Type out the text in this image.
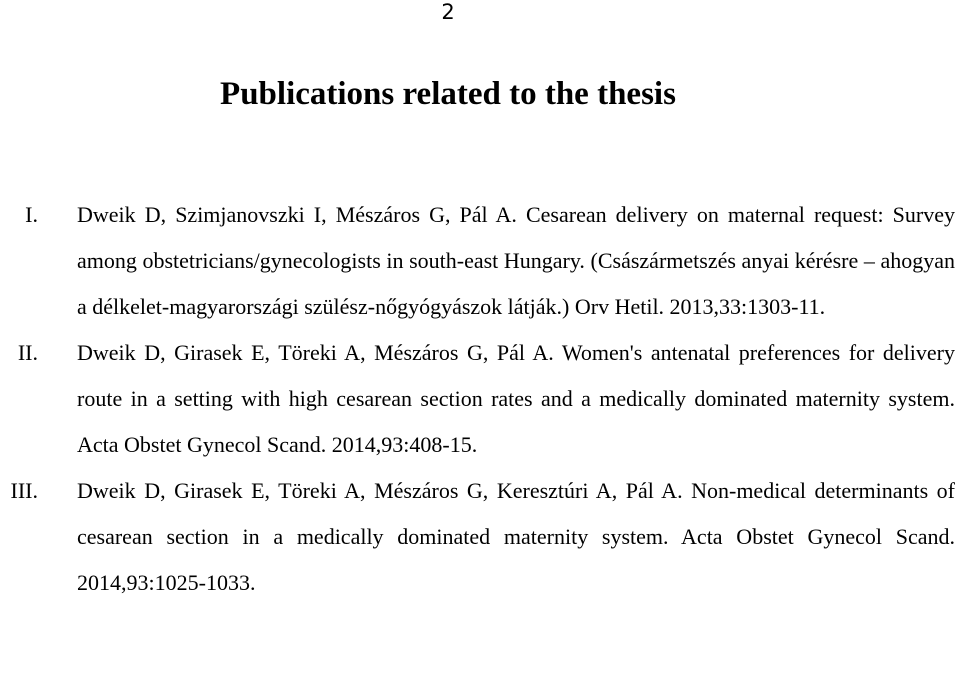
2
Publications related to the thesis
I. Dweik D, Szimjanovszki I, Mészáros G, Pál A. Cesarean delivery on maternal request: Survey among obstetricians/gynecologists in south-east Hungary. (Császármetszés anyai kérésre – ahogyan a délkelet-magyarországi szülész-nőgyógyászok látják.) Orv Hetil. 2013,33:1303-11.
II. Dweik D, Girasek E, Töreki A, Mészáros G, Pál A. Women's antenatal preferences for delivery route in a setting with high cesarean section rates and a medically dominated maternity system. Acta Obstet Gynecol Scand. 2014,93:408-15.
III. Dweik D, Girasek E, Töreki A, Mészáros G, Keresztúri A, Pál A. Non-medical determinants of cesarean section in a medically dominated maternity system. Acta Obstet Gynecol Scand. 2014,93:1025-1033.
